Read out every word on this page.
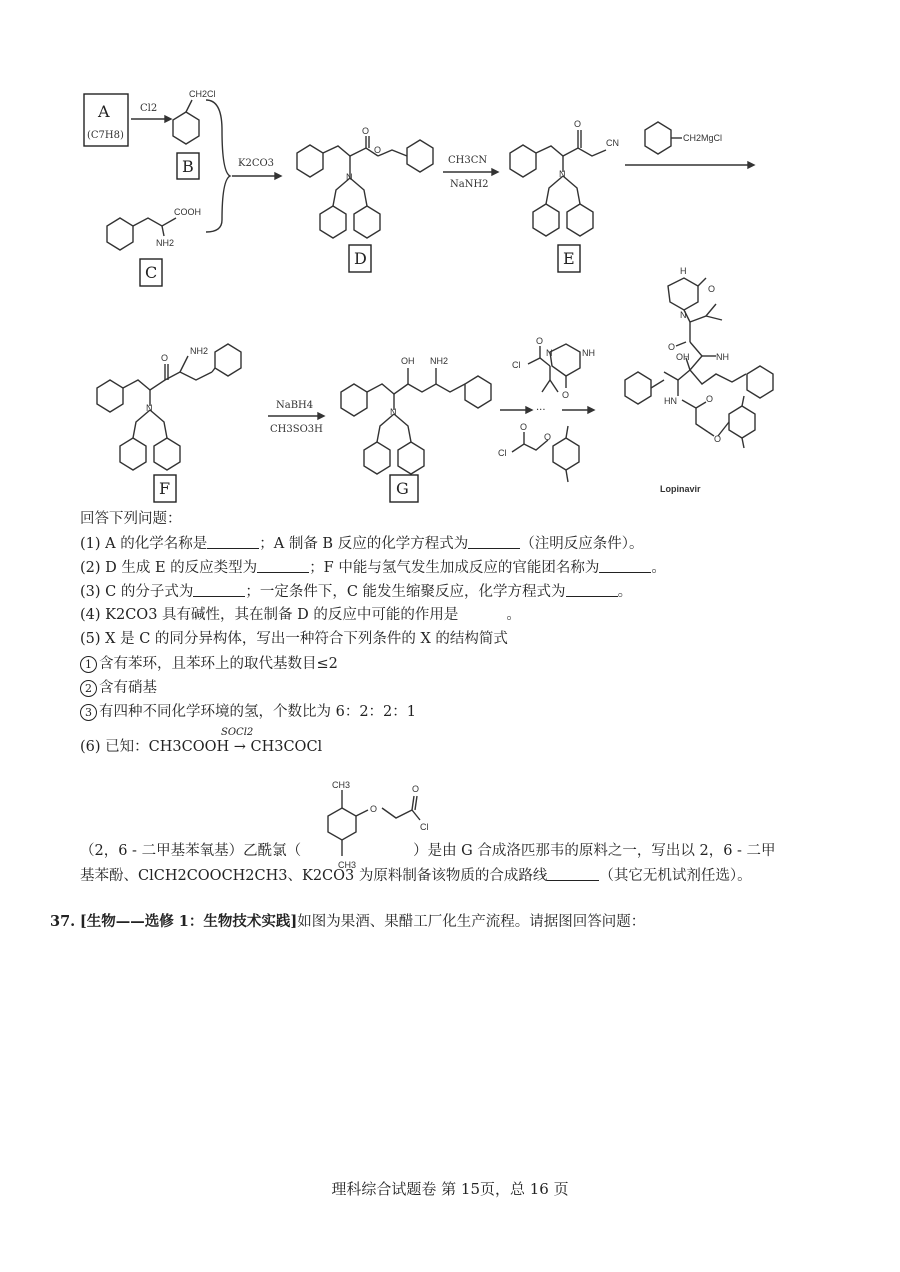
A
(C7H8)
Cl2
CH2Cl
B
COOH
NH2
C
K2CO3
O
O
N
D
CH3CN
NaNH2
O
CN
N
E
CH2MgCl
O
NH2
N
F
NaBH4
CH3SO3H
OH NH2
N
G
···
Cl
O
N	NH
O
Cl
O
O
H
O
N
O
OH	NH
HN	O
O
Lopinavir
CH3
O
O
Cl
CH3
回答下列问题：
(1) A 的化学名称是	；A 制备 B 反应的化学方程式为	（注明反应条件）。
(2) D 生成 E 的反应类型为	；F 中能与氢气发生加成反应的官能团名称为	。
(3) C 的分子式为	；一定条件下，C 能发生缩聚反应，化学方程式为	。
(4) K2CO3 具有碱性，其在制备 D 的反应中可能的作用是	。
(5) X 是 C 的同分异构体，写出一种符合下列条件的 X 的结构简式
1 含有苯环，且苯环上的取代基数目≤2
2 含有硝基
3 有四种不同化学环境的氢，个数比为 6：2：2：1
SOCl2
(6) 已知：CH3COOH → CH3COCl
（2，6 - 二甲基苯氧基）乙酰氯（	）是由 G 合成洛匹那韦的原料之一，写出以 2，6 - 二甲
基苯酚、ClCH2COOCH2CH3、K2CO3 为原料制备该物质的合成路线	（其它无机试剂任选）。
37. [生物——选修 1：生物技术实践]如图为果酒、果醋工厂化生产流程。请据图回答问题：
理科综合试题卷 第 15页，总 16 页
